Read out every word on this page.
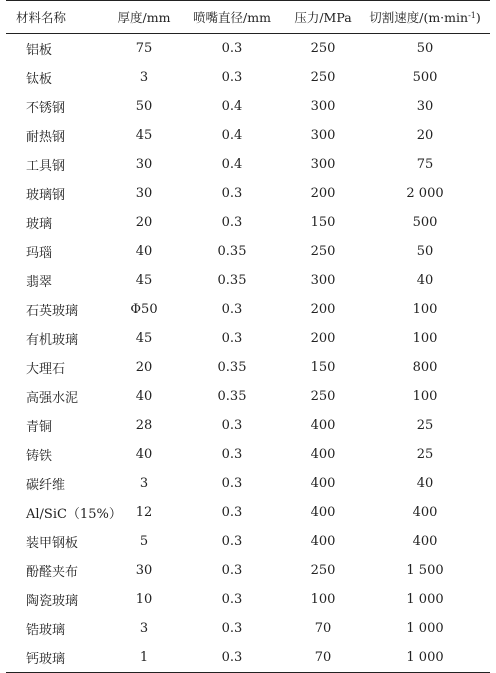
材料名称	厚度/mm	喷嘴直径/mm	压力/MPa	切割速度$/(m\cdot\min^{-1})$
铝板	75	0.3	250	50
钛板	3	0.3	250	500
不锈钢	50	0.4	300	30
耐热钢	45	0.4	300	20
工具钢	30	0.4	300	75
玻璃钢	30	0.3	200	2 000
玻璃	20	0.3	150	500
玛瑙	40	0.35	250	50
翡翠	45	0.35	300	40
石英玻璃	Φ50	0.3	200	100
有机玻璃	45	0.3	200	100
大理石	20	0.35	150	800
高强水泥	40	0.35	250	100
青铜	28	0.3	400	25
铸铁	40	0.3	400	25
碳纤维	3	0.3	400	40
Al/SiC（15%）	12	0.3	400	400
装甲钢板	5	0.3	400	400
酚醛夹布	30	0.3	250	1 500
陶瓷玻璃	10	0.3	100	1 000
锆玻璃	3	0.3	70	1 000
钙玻璃	1	0.3	70	1 000
